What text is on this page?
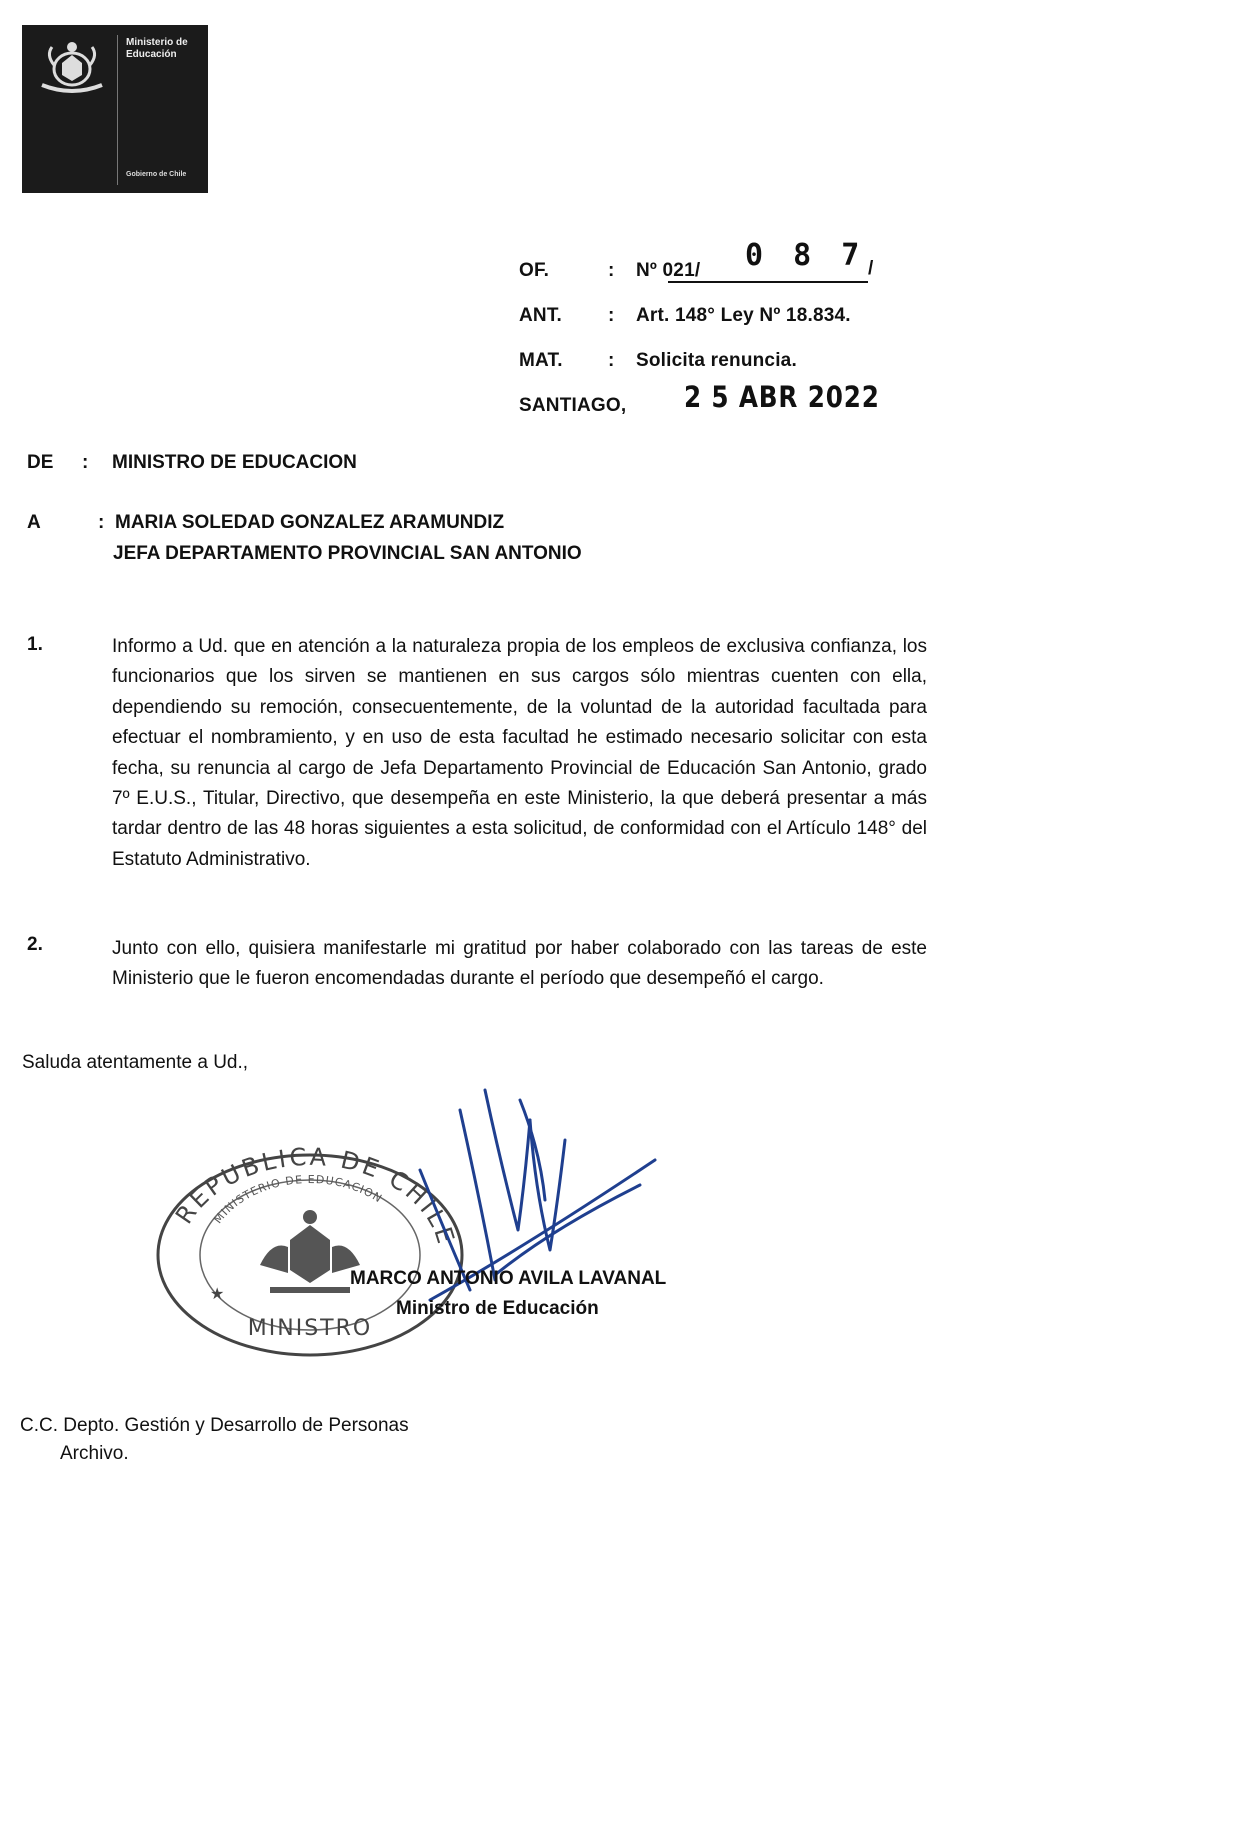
Ministerio de Educación
Gobierno de Chile
OF.	: Nº 021/ 0 8 7 /
ANT. : Art. 148° Ley Nº 18.834.
MAT. : Solicita renuncia.
SANTIAGO, 2 5 ABR 2022
DE : MINISTRO DE EDUCACION
A	: MARIA SOLEDAD GONZALEZ ARAMUNDIZ
JEFA DEPARTAMENTO PROVINCIAL SAN ANTONIO
1.	Informo a Ud. que en atención a la naturaleza propia de los empleos de exclusiva confianza, los funcionarios que los sirven se mantienen en sus cargos sólo mientras cuenten con ella, dependiendo su remoción, consecuentemente, de la voluntad de la autoridad facultada para efectuar el nombramiento, y en uso de esta facultad he estimado necesario solicitar con esta fecha, su renuncia al cargo de Jefa Departamento Provincial de Educación San Antonio, grado 7º E.U.S., Titular, Directivo, que desempeña en este Ministerio, la que deberá presentar a más tardar dentro de las 48 horas siguientes a esta solicitud, de conformidad con el Artículo 148° del Estatuto Administrativo.
2.	Junto con ello, quisiera manifestarle mi gratitud por haber colaborado con las tareas de este Ministerio que le fueron encomendadas durante el período que desempeñó el cargo.
Saluda atentamente a Ud.,
REPUBLICA DE CHILE
MINISTERIO DE EDUCACION
MINISTRO
★
MARCO ANTONIO AVILA LAVANAL
Ministro de Educación
C.C. Depto. Gestión y Desarrollo de Personas
Archivo.
